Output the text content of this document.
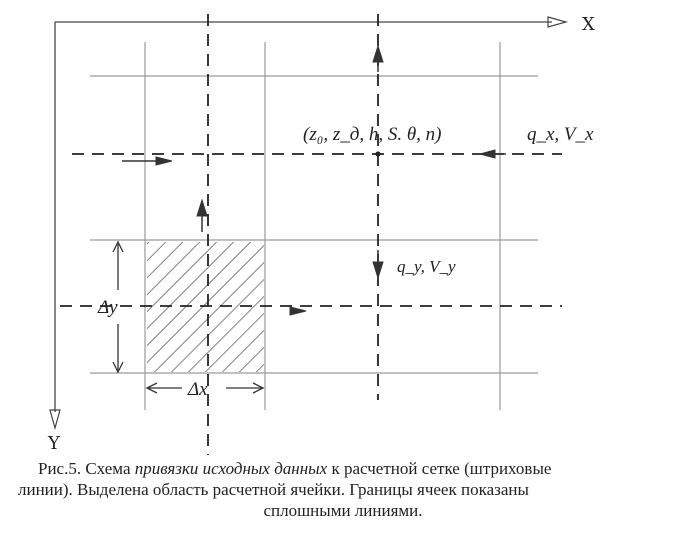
X
Y
Δy
Δx
(z₀, z_д, h, S. θ, n)	q_x, V_x
q_y, V_y
Рис.5. Схема привязки исходных данных к расчетной сетке (штриховые
линии). Выделена область расчетной ячейки. Границы ячеек показаны
сплошными линиями.
